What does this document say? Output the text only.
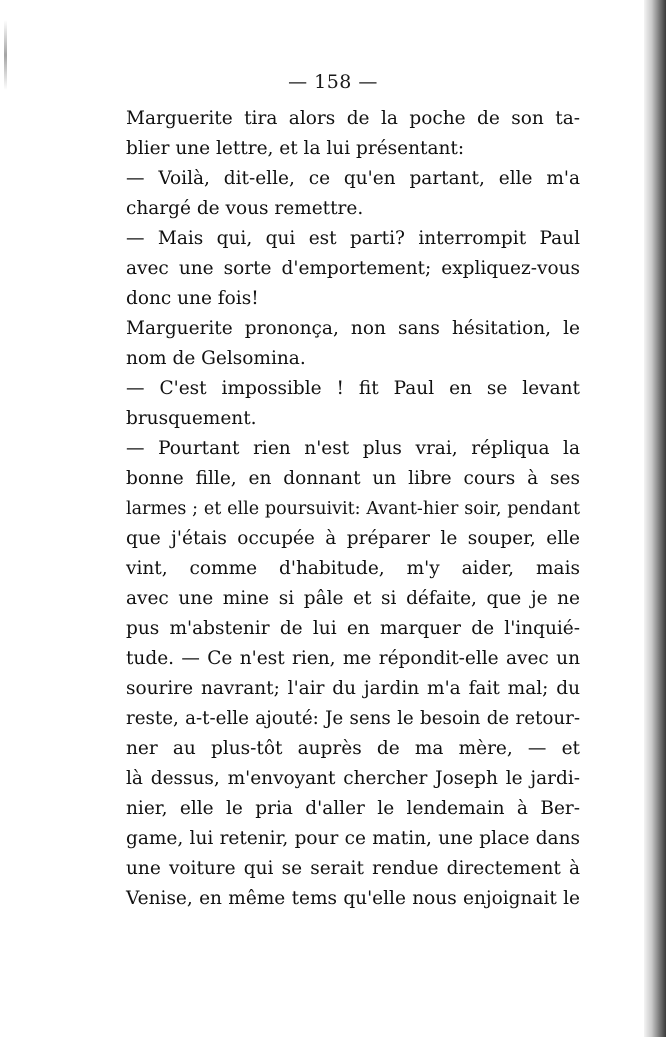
— 158 —
Marguerite tira alors de la poche de son ta-
blier une lettre, et la lui présentant:
— Voilà, dit-elle, ce qu'en partant, elle m'a
chargé de vous remettre.
— Mais qui, qui est parti? interrompit Paul
avec une sorte d'emportement; expliquez-vous
donc une fois!
Marguerite prononça, non sans hésitation, le
nom de Gelsomina.
— C'est impossible ! fit Paul en se levant
brusquement.
— Pourtant rien n'est plus vrai, répliqua la
bonne fille, en donnant un libre cours à ses
larmes ; et elle poursuivit: Avant-hier soir, pendant
que j'étais occupée à préparer le souper, elle
vint, comme d'habitude, m'y aider, mais
avec une mine si pâle et si défaite, que je ne
pus m'abstenir de lui en marquer de l'inquié-
tude. — Ce n'est rien, me répondit-elle avec un
sourire navrant; l'air du jardin m'a fait mal; du
reste, a-t-elle ajouté: Je sens le besoin de retour-
ner au plus-tôt auprès de ma mère, — et
là dessus, m'envoyant chercher Joseph le jardi-
nier, elle le pria d'aller le lendemain à Ber-
game, lui retenir, pour ce matin, une place dans
une voiture qui se serait rendue directement à
Venise, en même tems qu'elle nous enjoignait le
